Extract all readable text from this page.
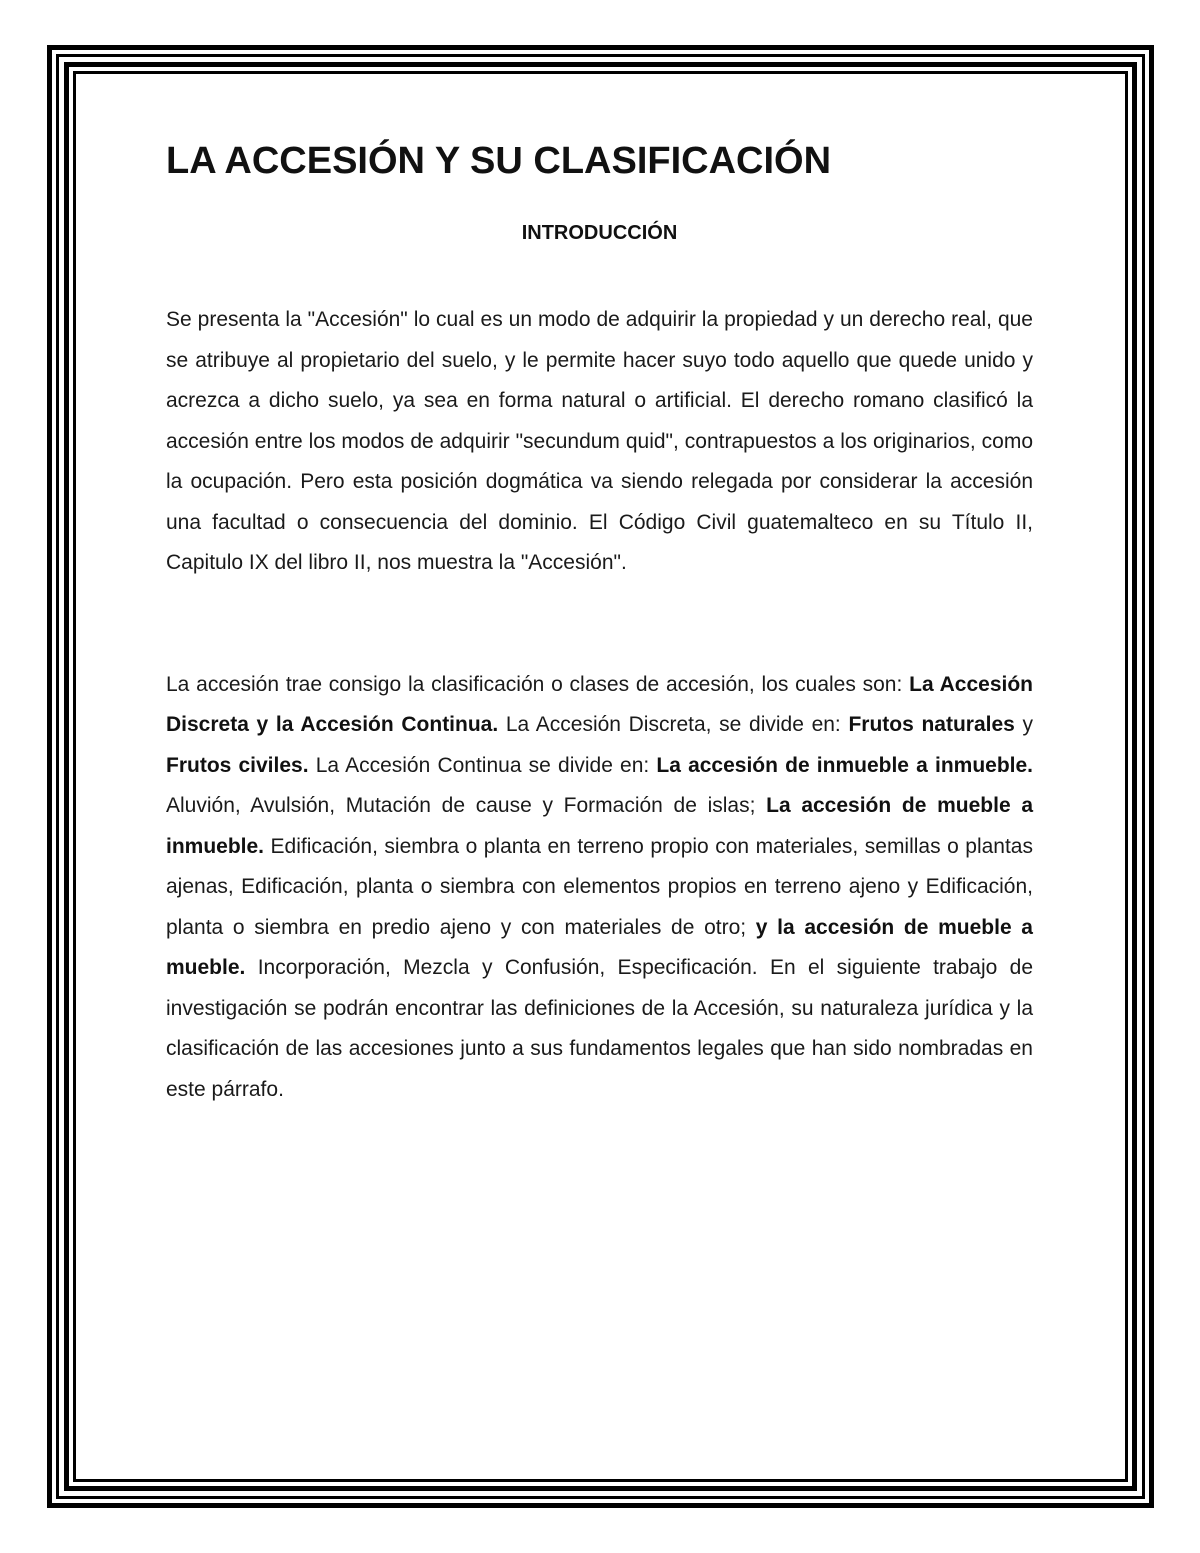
LA ACCESIÓN Y SU CLASIFICACIÓN
INTRODUCCIÓN

Se presenta la "Accesión" lo cual es un modo de adquirir la propiedad y un derecho real, que se atribuye al propietario del suelo, y le permite hacer suyo todo aquello que quede unido y acrezca a dicho suelo, ya sea en forma natural o artificial. El derecho romano clasificó la accesión entre los modos de adquirir "secundum quid", contrapuestos a los originarios, como la ocupación. Pero esta posición dogmática va siendo relegada por considerar la accesión una facultad o consecuencia del dominio. El Código Civil guatemalteco en su Título II, Capitulo IX del libro II, nos muestra la "Accesión".

La accesión trae consigo la clasificación o clases de accesión, los cuales son: La Accesión Discreta y la Accesión Continua. La Accesión Discreta, se divide en: Frutos naturales y Frutos civiles. La Accesión Continua se divide en: La accesión de inmueble a inmueble. Aluvión, Avulsión, Mutación de cause y Formación de islas; La accesión de mueble a inmueble. Edificación, siembra o planta en terreno propio con materiales, semillas o plantas ajenas, Edificación, planta o siembra con elementos propios en terreno ajeno y Edificación, planta o siembra en predio ajeno y con materiales de otro; y la accesión de mueble a mueble. Incorporación, Mezcla y Confusión, Especificación. En el siguiente trabajo de investigación se podrán encontrar las definiciones de la Accesión, su naturaleza jurídica y la clasificación de las accesiones junto a sus fundamentos legales que han sido nombradas en este párrafo.
